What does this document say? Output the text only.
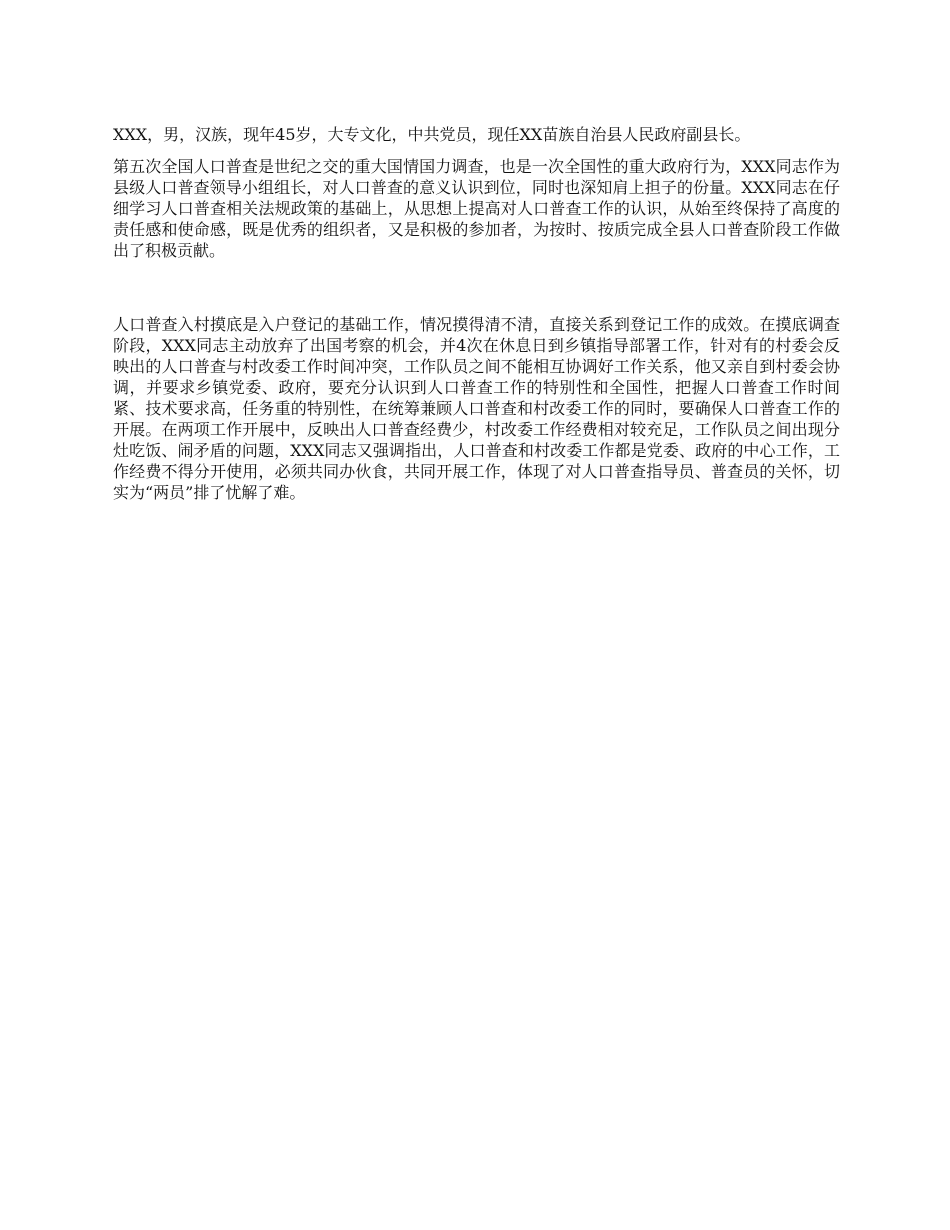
XXX，男，汉族，现年45岁，大专文化，中共党员，现任XX苗族自治县人民政府副县长。

第五次全国人口普查是世纪之交的重大国情国力调查，也是一次全国性的重大政府行为，XXX同志作为县级人口普查领导小组组长，对人口普查的意义认识到位，同时也深知肩上担子的份量。XXX同志在仔细学习人口普查相关法规政策的基础上，从思想上提高对人口普查工作的认识，从始至终保持了高度的责任感和使命感，既是优秀的组织者，又是积极的参加者，为按时、按质完成全县人口普查阶段工作做出了积极贡献。

人口普查入村摸底是入户登记的基础工作，情况摸得清不清，直接关系到登记工作的成效。在摸底调查阶段，XXX同志主动放弃了出国考察的机会，并4次在休息日到乡镇指导部署工作，针对有的村委会反映出的人口普查与村改委工作时间冲突，工作队员之间不能相互协调好工作关系，他又亲自到村委会协调，并要求乡镇党委、政府，要充分认识到人口普查工作的特别性和全国性，把握人口普查工作时间紧、技术要求高，任务重的特别性，在统筹兼顾人口普查和村改委工作的同时，要确保人口普查工作的开展。在两项工作开展中，反映出人口普查经费少，村改委工作经费相对较充足，工作队员之间出现分灶吃饭、闹矛盾的问题，XXX同志又强调指出，人口普查和村改委工作都是党委、政府的中心工作，工作经费不得分开使用，必须共同办伙食，共同开展工作，体现了对人口普查指导员、普查员的关怀，切实为“两员”排了忧解了难。
